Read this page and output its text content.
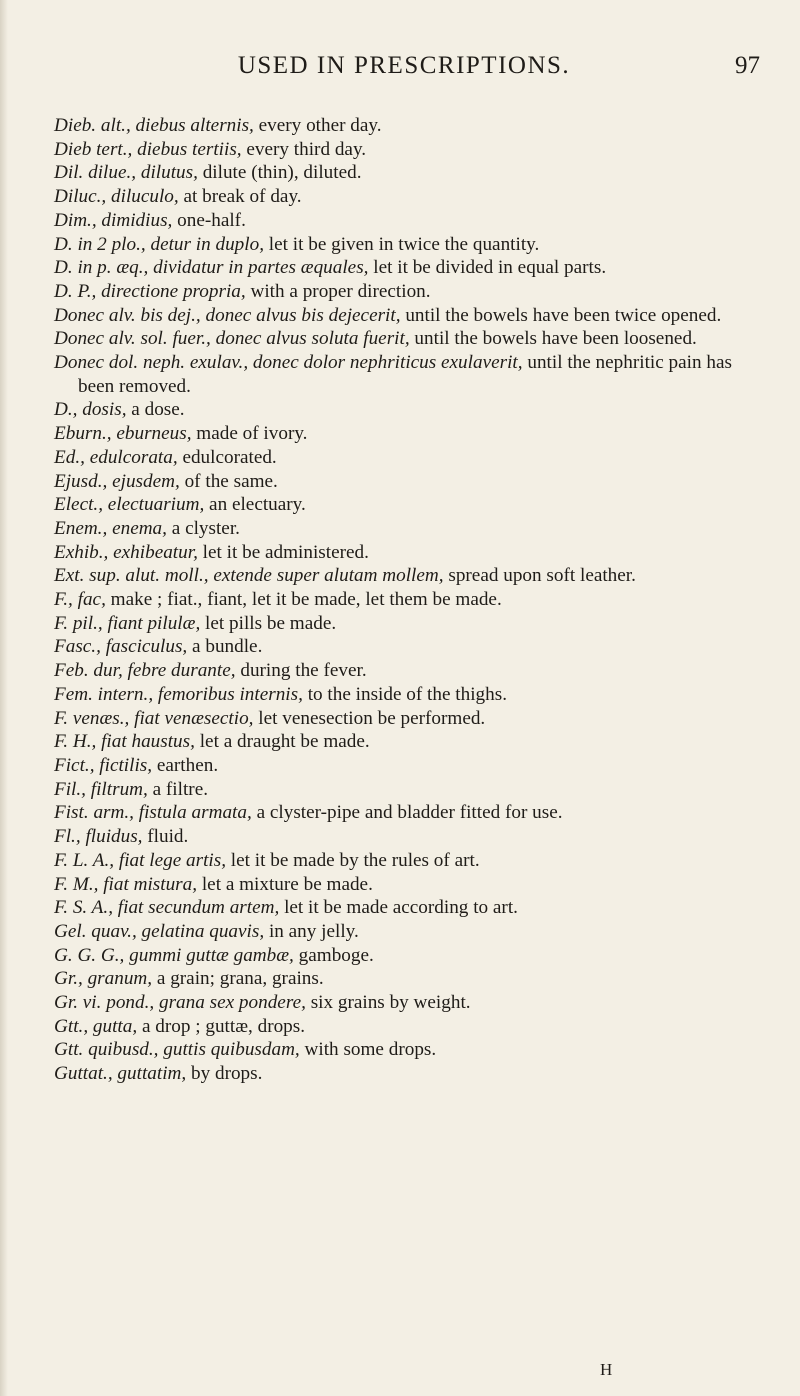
USED IN PRESCRIPTIONS.	97
Dieb. alt., diebus alternis, every other day.
Dieb tert., diebus tertiis, every third day.
Dil. dilue., dilutus, dilute (thin), diluted.
Diluc., diluculo, at break of day.
Dim., dimidius, one-half.
D. in 2 plo., detur in duplo, let it be given in twice the quantity.
D. in p. æq., dividatur in partes æquales, let it be divided in equal parts.
D. P., directione propria, with a proper direction.
Donec alv. bis dej., donec alvus bis dejecerit, until the bowels have been twice opened.
Donec alv. sol. fuer., donec alvus soluta fuerit, until the bowels have been loosened.
Donec dol. neph. exulav., donec dolor nephriticus exulaverit, until the nephritic pain has been removed.
D., dosis, a dose.
Eburn., eburneus, made of ivory.
Ed., edulcorata, edulcorated.
Ejusd., ejusdem, of the same.
Elect., electuarium, an electuary.
Enem., enema, a clyster.
Exhib., exhibeatur, let it be administered.
Ext. sup. alut. moll., extende super alutam mollem, spread upon soft leather.
F., fac, make ; fiat., fiant, let it be made, let them be made.
F. pil., fiant pilulæ, let pills be made.
Fasc., fasciculus, a bundle.
Feb. dur, febre durante, during the fever.
Fem. intern., femoribus internis, to the inside of the thighs.
F. venæs., fiat venæsectio, let venesection be performed.
F. H., fiat haustus, let a draught be made.
Fict., fictilis, earthen.
Fil., filtrum, a filtre.
Fist. arm., fistula armata, a clyster-pipe and bladder fitted for use.
Fl., fluidus, fluid.
F. L. A., fiat lege artis, let it be made by the rules of art.
F. M., fiat mistura, let a mixture be made.
F. S. A., fiat secundum artem, let it be made according to art.
Gel. quav., gelatina quavis, in any jelly.
G. G. G., gummi guttæ gambæ, gamboge.
Gr., granum, a grain; grana, grains.
Gr. vi. pond., grana sex pondere, six grains by weight.
Gtt., gutta, a drop ; guttæ, drops.
Gtt. quibusd., guttis quibusdam, with some drops.
Guttat., guttatim, by drops.
H
